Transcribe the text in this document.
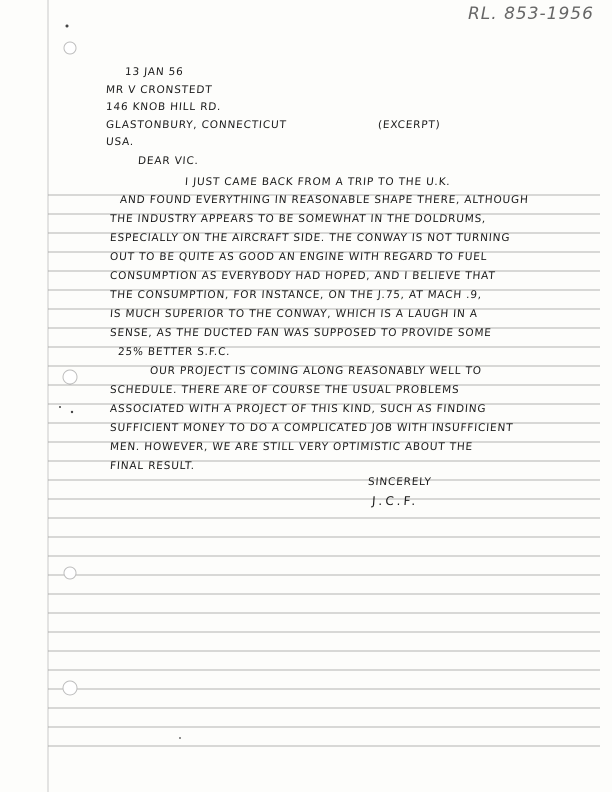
RL. 853-1956
13 JAN 56
MR V CRONSTEDT
146 KNOB HILL RD.
GLASTONBURY, CONNECTICUT
USA.
(EXCERPT)
DEAR VIC.
I JUST CAME BACK FROM A TRIP TO THE U.K.
AND FOUND EVERYTHING IN REASONABLE SHAPE THERE, ALTHOUGH
THE INDUSTRY APPEARS TO BE SOMEWHAT IN THE DOLDRUMS,
ESPECIALLY ON THE AIRCRAFT SIDE. THE CONWAY IS NOT TURNING
OUT TO BE QUITE AS GOOD AN ENGINE WITH REGARD TO FUEL
CONSUMPTION AS EVERYBODY HAD HOPED, AND I BELIEVE THAT
THE CONSUMPTION, FOR INSTANCE, ON THE J.75, AT MACH .9,
IS MUCH SUPERIOR TO THE CONWAY, WHICH IS A LAUGH IN A
SENSE, AS THE DUCTED FAN WAS SUPPOSED TO PROVIDE SOME
25% BETTER S.F.C.
OUR PROJECT IS COMING ALONG REASONABLY WELL TO
SCHEDULE. THERE ARE OF COURSE THE USUAL PROBLEMS
ASSOCIATED WITH A PROJECT OF THIS KIND, SUCH AS FINDING
SUFFICIENT MONEY TO DO A COMPLICATED JOB WITH INSUFFICIENT
MEN. HOWEVER, WE ARE STILL VERY OPTIMISTIC ABOUT THE
FINAL RESULT.
SINCERELY
J.C.F.
